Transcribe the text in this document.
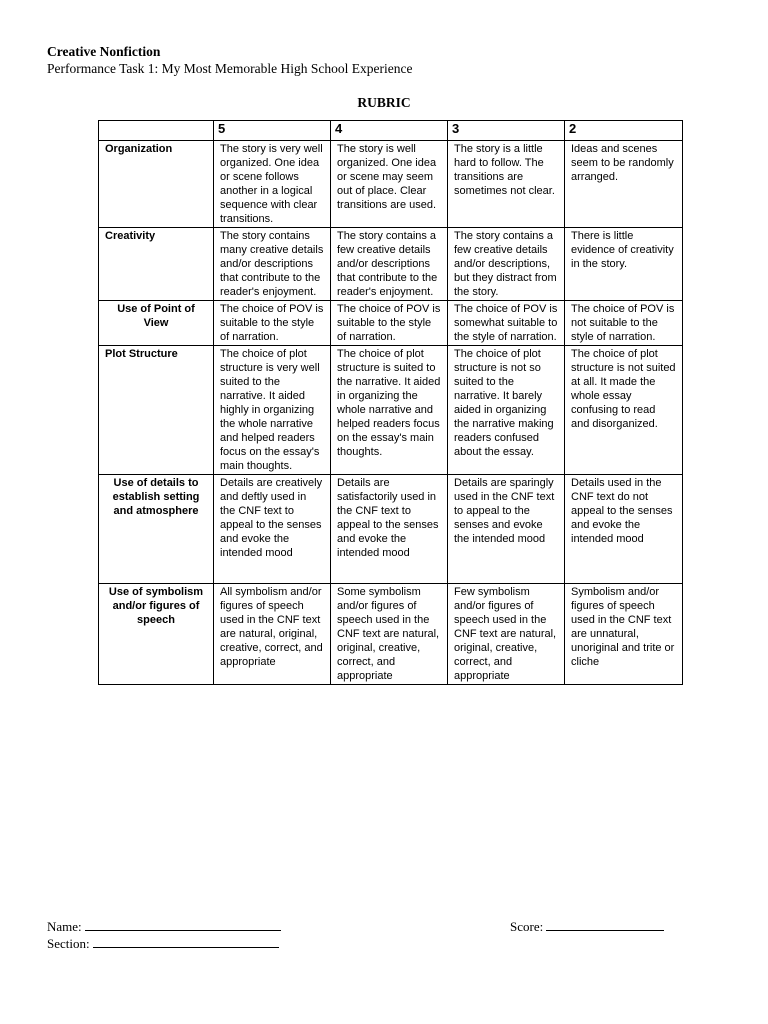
Creative Nonfiction
Performance Task 1: My Most Memorable High School Experience
RUBRIC
	5	4	3	2
Organization	The story is very well organized. One idea or scene follows another in a logical sequence with clear transitions.	The story is well organized. One idea or scene may seem out of place. Clear transitions are used.	The story is a little hard to follow. The transitions are sometimes not clear.	Ideas and scenes seem to be randomly arranged.
Creativity	The story contains many creative details and/or descriptions that contribute to the reader's enjoyment.	The story contains a few creative details and/or descriptions that contribute to the reader's enjoyment.	The story contains a few creative details and/or descriptions, but they distract from the story.	There is little evidence of creativity in the story.
Use of Point of View	The choice of POV is suitable to the style of narration.	The choice of POV is suitable to the style of narration.	The choice of POV is somewhat suitable to the style of narration.	The choice of POV is not suitable to the style of narration.
Plot Structure	The choice of plot structure is very well suited to the narrative. It aided highly in organizing the whole narrative and helped readers focus on the essay's main thoughts.	The choice of plot structure is suited to the narrative. It aided in organizing the whole narrative and helped readers focus on the essay's main thoughts.	The choice of plot structure is not so suited to the narrative. It barely aided in organizing the narrative making readers confused about the essay.	The choice of plot structure is not suited at all. It made the whole essay confusing to read and disorganized.
Use of details to establish setting and atmosphere	Details are creatively and deftly used in the CNF text to appeal to the senses and evoke the intended mood	Details are satisfactorily used in the CNF text to appeal to the senses and evoke the intended mood	Details are sparingly used in the CNF text to appeal to the senses and evoke the intended mood	Details used in the CNF text do not appeal to the senses and evoke the intended mood
Use of symbolism and/or figures of speech	All symbolism and/or figures of speech used in the CNF text are natural, original, creative, correct, and appropriate	Some symbolism and/or figures of speech used in the CNF text are natural, original, creative, correct, and appropriate	Few symbolism and/or figures of speech used in the CNF text are natural, original, creative, correct, and appropriate	Symbolism and/or figures of speech used in the CNF text are unnatural, unoriginal and trite or cliche
Name:
Section:
Score:
